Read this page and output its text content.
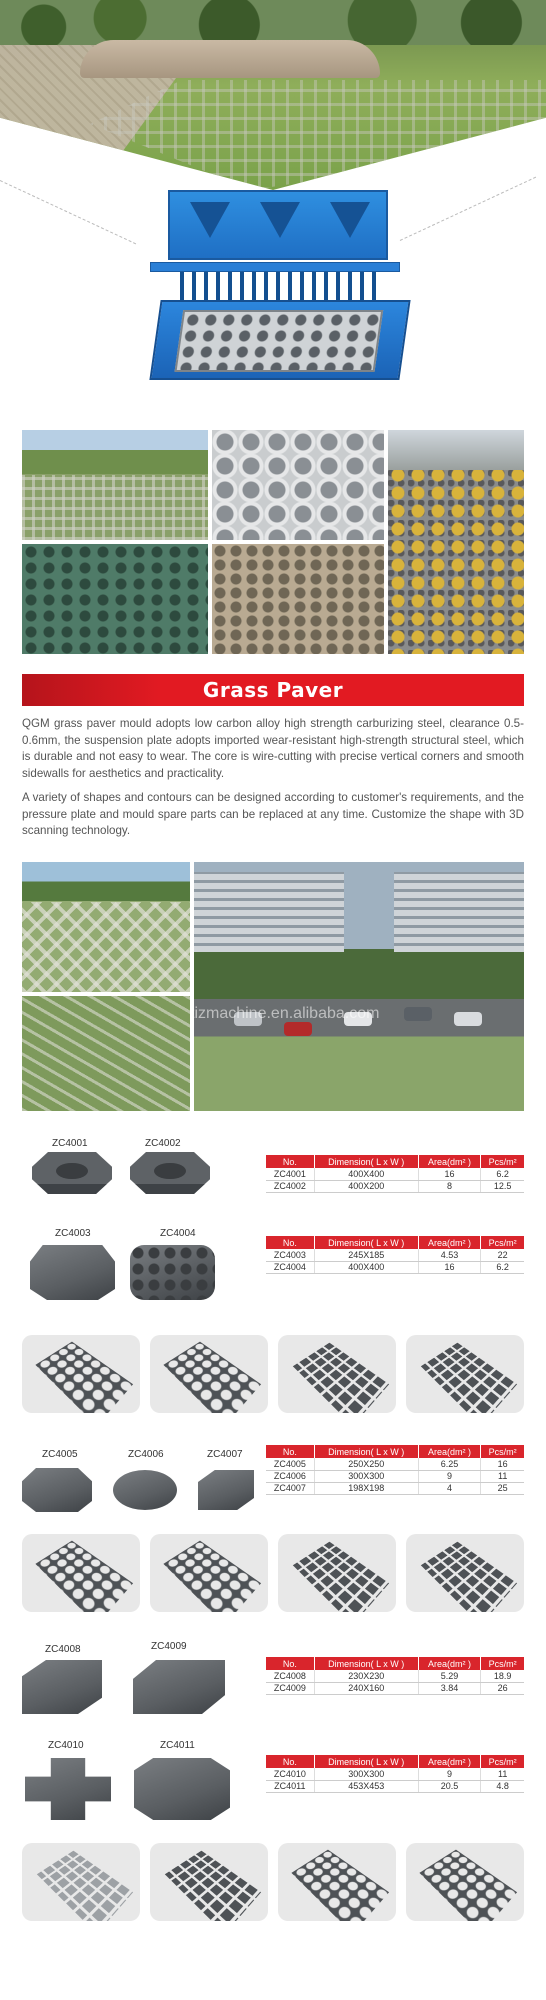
Grass Paver

QGM grass paver mould adopts low carbon alloy high strength carburizing steel, clearance 0.5-0.6mm, the suspension plate adopts imported wear-resistant high-strength structural steel, which is durable and not easy to wear. The core is wire-cutting with precise vertical corners and smooth sidewalls for aesthetics and practicality.

A variety of shapes and contours can be designed according to customer's requirements, and the pressure plate and mould spare parts can be replaced at any time. Customize the shape with 3D scanning technology.

tizmachine.en.alibaba.com
ZC4001	ZC4002
No.	Dimension( L x W )	Area(dm² )	Pcs/m²
ZC4001	400X400	16	6.2
ZC4002	400X200	8	12.5
ZC4003	ZC4004
No.	Dimension( L x W )	Area(dm² )	Pcs/m²
ZC4003	245X185	4.53	22
ZC4004	400X400	16	6.2
ZC4005	ZC4006	ZC4007	No.	Dimension( L x W )	Area(dm² )	Pcs/m²
ZC4005	250X250	6.25	16
ZC4006	300X300	9	11
ZC4007	198X198	4	25
ZC4008	ZC4009
No.	Dimension( L x W )	Area(dm² )	Pcs/m²
ZC4008	230X230	5.29	18.9
ZC4009	240X160	3.84	26
ZC4010	ZC4011
No.	Dimension( L x W )	Area(dm² )	Pcs/m²
ZC4010	300X300	9	11
ZC4011	453X453	20.5	4.8
